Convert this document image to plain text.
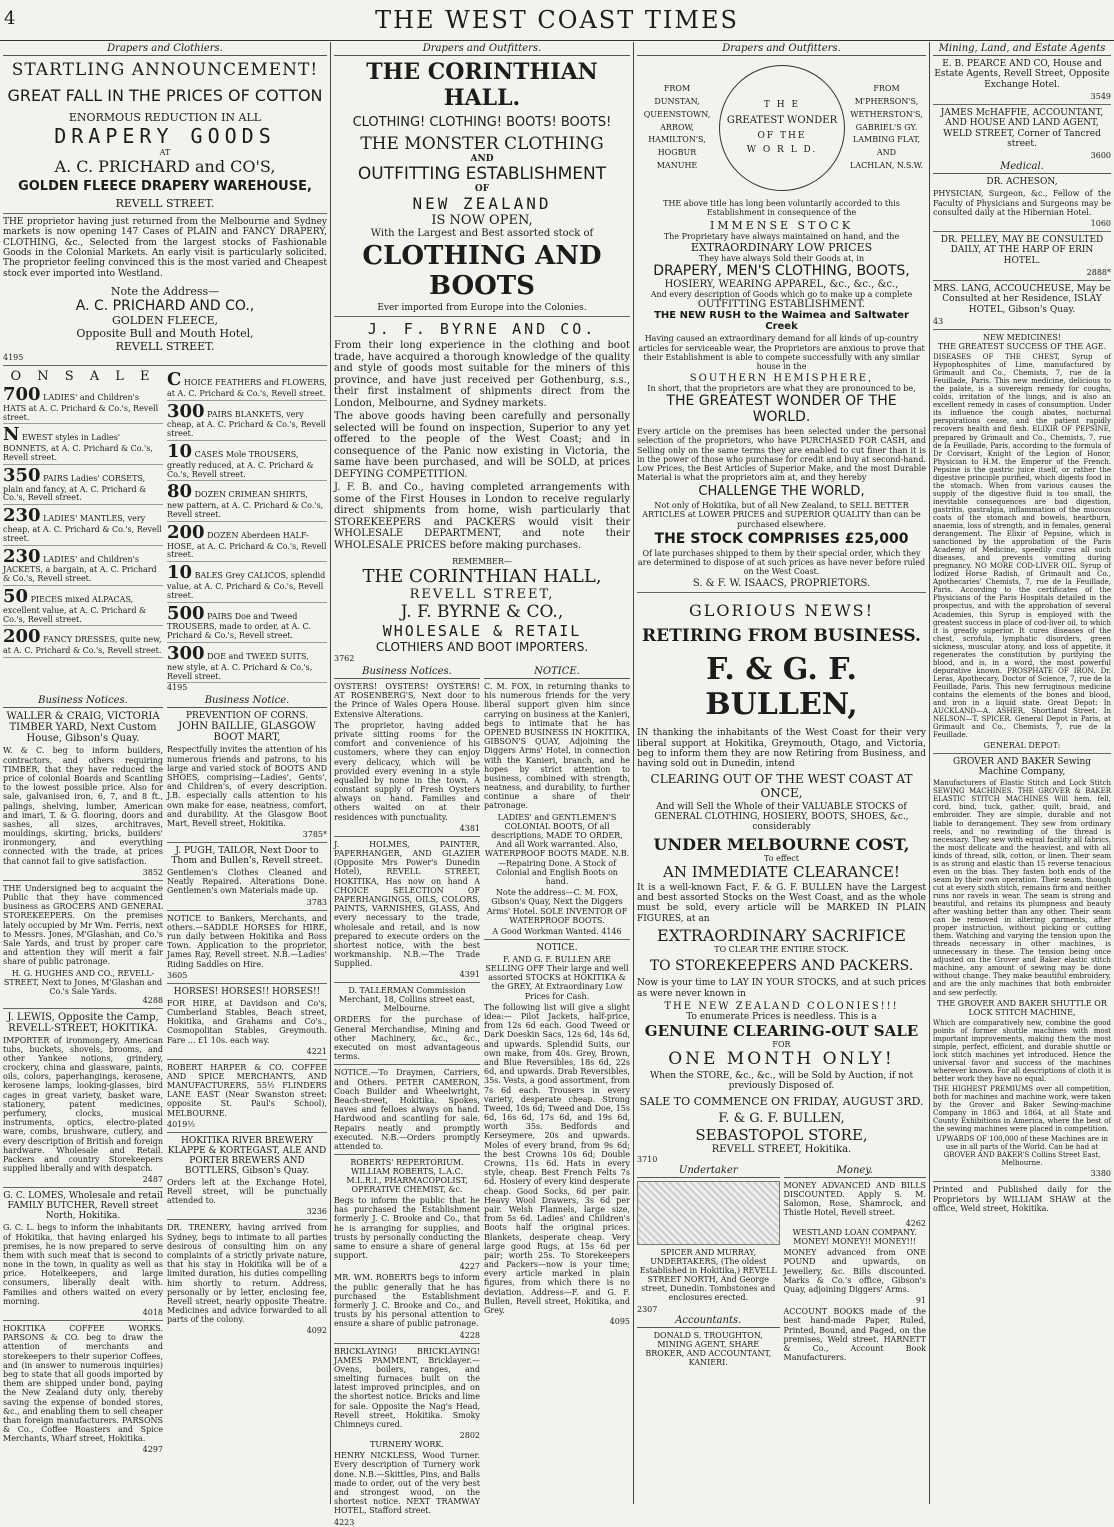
4	THE WEST COAST TIMES
Drapers and Clothiers.
STARTLING ANNOUNCEMENT!
GREAT FALL IN THE PRICES OF COTTON
ENORMOUS REDUCTION IN ALL
DRAPERY GOODS
AT
A. C. PRICHARD and CO'S,
GOLDEN FLEECE DRAPERY WAREHOUSE,
REVELL STREET.
THE proprietor having just returned from the Melbourne and Sydney markets is now opening 147 Cases of PLAIN and FANCY DRAPERY, CLOTHING, &c., Selected from the largest stocks of Fashionable Goods in the Colonial Markets. An early visit is particularly solicited. The proprietor feeling convinced this is the most varied and Cheapest stock ever imported into Westland.
Note the Address—
A. C. PRICHARD AND CO.,
GOLDEN FLEECE,
Opposite Bull and Mouth Hotel,
REVELL STREET.
4195
O N S A L E
700 LADIES' and Children's HATS at A. C. Prichard & Co.'s, Revell street.
N EWEST styles in Ladies' BONNETS, at A. C. Prichard & Co.'s, Revell street.
350 PAIRS Ladies' CORSETS, plain and fancy, at A. C. Prichard & Co.'s, Revell street.
230 LADIES' MANTLES, very cheap, at A. C. Prichard & Co.'s, Revell street.
230 LADIES' and Children's JACKETS, a bargain, at A. C. Prichard & Co.'s, Revell street.
50 PIECES mixed ALPACAS, excellent value, at A. C. Prichard & Co.'s, Revell street.
200 FANCY DRESSES, quite new, at A. C. Prichard & Co.'s, Revell street.
C HOICE FEATHERS and FLOWERS, at A. C. Prichard & Co.'s, Revell street.
300 PAIRS BLANKETS, very cheap, at A. C. Prichard & Co.'s, Revell street.
10 CASES Mole TROUSERS, greatly reduced, at A. C. Prichard & Co.'s, Revell street.
80 DOZEN CRIMEAN SHIRTS, new pattern, at A. C. Prichard & Co.'s, Revell street.
200 DOZEN Aberdeen HALF-HOSE, at A. C. Prichard & Co.'s, Revell street.
10 BALES Grey CALICOS, splendid value, at A. C. Prichard & Co.'s, Revell street.
500 PAIRS Doe and Tweed TROUSERS, made to order, at A. C. Prichard & Co.'s, Revell street.
300 DOE and TWEED SUITS, new style, at A. C. Prichard & Co.'s, Revell street.
4195
Business Notices.
WALLER & CRAIG, VICTORIA TIMBER YARD, Next Custom House, Gibson's Quay.
W. & C. beg to inform builders, contractors, and others requiring TIMBER, that they have reduced the price of colonial Boards and Scantling to the lowest possible price. Also for sale, galvanised iron, 6, 7, and 8 ft., palings, shelving, lumber, American and imari, T. & G. flooring, doors and sashes, all sizes, architraves, mouldings, skirting, bricks, builders' ironmongery, and everything connected with the trade, at prices that cannot fail to give satisfaction.
3852
THE Undersigned beg to acquaint the Public that they have commenced business as GROCERS AND GENERAL STOREKEEPERS. On the premises lately occupied by Mr Wm. Ferris, next to Messrs. Jones, M'Glashan, and Co.'s Sale Yards, and trust by proper care and attention they will merit a fair share of public patronage.
H. G. HUGHES AND CO., REVELL-STREET, Next to Jones, M'Glashan and Co.'s Sale Yards.
4288
J. LEWIS, Opposite the Camp, REVELL-STREET, HOKITIKA.
IMPORTER of ironmongery, American tubs, buckets, shovels, brooms, and other Yankee notions, grindery, crockery, china and glassware, paints, oils, colors, paperhangings, kerosene, kerosene lamps, looking-glasses, bird cages in great variety, basket ware, stationery, patent medicines, perfumery, clocks, musical instruments, optics, electro-plated ware, combs, brushware, cutlery, and every description of British and foreign hardware. Wholesale and Retail. Packers and country Storekeepers supplied liberally and with despatch.
2487
G. C. LOMES, Wholesale and retail FAMILY BUTCHER, Revell street North, Hokitika.
G. C. L. begs to inform the inhabitants of Hokitika, that having enlarged his premises, he is now prepared to serve them with such meat that is second to none in the town, in quality as well as price. Hotelkeepers, and large consumers, liberally dealt with. Families and others waited on every morning.
4018
HOKITIKA COFFEE WORKS. PARSONS & CO. beg to draw the attention of merchants and storekeepers to their superior Coffees, and (in answer to numerous inquiries) beg to state that all goods imported by them are shipped under bond, paying the New Zealand duty only, thereby saving the expense of bonded stores, &c., and enabling them to sell cheaper than foreign manufacturers. PARSONS & Co., Coffee Roasters and Spice Merchants, Wharf street, Hokitika.
4297
Business Notice.
PREVENTION OF CORNS.
JOHN BAILLIE, GLASGOW BOOT MART,
Respectfully invites the attention of his numerous friends and patrons, to his large and varied stock of BOOTS AND SHOES, comprising—Ladies', Gents', and Children's, of every description. J.B. especially calls attention to his own make for ease, neatness, comfort, and durability. At the Glasgow Boot Mart, Revell street, Hokitika.
3785*
J. PUGH, TAILOR, Next Door to Thom and Bullen's, Revell street.
Gentlemen's Clothes Cleaned and Neatly Repaired. Alterations Done. Gentlemen's own Materials made up.
3783
NOTICE to Bankers, Merchants, and others.—SADDLE HORSES for HIRE, run daily between Hokitika and Ross Town. Application to the proprietor, James Ray, Revell street. N.B.—Ladies' Riding Saddles on Hire.
3605
HORSES! HORSES!! HORSES!!
FOR HIRE, at Davidson and Co's, Cumberland Stables, Beach street, Hokitika, and Grahams and Co's., Cosmopolitan Stables, Greymouth. Fare ... £1 10s. each way.
4221
ROBERT HARPER & CO. COFFEE AND SPICE MERCHANTS, AND MANUFACTURERS, 55½ FLINDERS LANE EAST (Near Swanston street: opposite St. Paul's School), MELBOURNE.
4019½
HOKITIKA RIVER BREWERY
KLAPPE & KORTEGAST, ALE AND PORTER BREWERS AND BOTTLERS, Gibson's Quay.
Orders left at the Exchange Hotel, Revell street, will be punctually attended to.
3236
DR. TRENERY, having arrived from Sydney, begs to intimate to all parties desirous of consulting him on any complaints of a strictly private nature, that his stay in Hokitika will be of a limited duration, his duties compelling him shortly to return. Address, personally or by letter, enclosing fee, Revell street, nearly opposite Theatre. Medicines and advice forwarded to all parts of the colony.
4092
Drapers and Outfitters.
THE CORINTHIAN HALL.
CLOTHING! CLOTHING! BOOTS! BOOTS!
THE MONSTER CLOTHING
AND
OUTFITTING ESTABLISHMENT
OF
NEW ZEALAND
IS NOW OPEN,
With the Largest and Best assorted stock of
CLOTHING AND BOOTS
Ever imported from Europe into the Colonies.
J. F. BYRNE AND CO.
From their long experience in the clothing and boot trade, have acquired a thorough knowledge of the quality and style of goods most suitable for the miners of this province, and have just received per Gothenburg, s.s., their first instalment of shipments direct from the London, Melbourne, and Sydney markets.
The above goods having been carefully and personally selected will be found on inspection, Superior to any yet offered to the people of the West Coast; and in consequence of the Panic now existing in Victoria, the same have been purchased, and will be SOLD, at prices DEFYING COMPETITION.
J. F. B. and Co., having completed arrangements with some of the First Houses in London to receive regularly direct shipments from home, wish particularly that STOREKEEPERS and PACKERS would visit their WHOLESALE DEPARTMENT, and note their WHOLESALE PRICES before making purchases.
REMEMBER—
THE CORINTHIAN HALL,
REVELL STREET,
J. F. BYRNE & CO.,
WHOLESALE & RETAIL
CLOTHIERS AND BOOT IMPORTERS.
3762
Business Notices.
OYSTERS! OYSTERS! OYSTERS! AT ROSENBERG'S, Next door to the Prince of Wales Opera House. Extensive Alterations.
The proprietor, having added private sitting rooms for the comfort and convenience of his customers, where they can enjoy every delicacy, which will be provided every evening in a style equalled by none in the town. A constant supply of Fresh Oysters always on hand. Families and others waited on at their residences with punctuality.
4381
J. HOLMES, PAINTER, PAPERHANGER, AND GLAZIER (Opposite Mrs Power's Dunedin Hotel), REVELL STREET, HOKITIKA, Has now on hand A CHOICE SELECTION OF PAPERHANGINGS, OILS, COLORS, PAINTS, VARNISHES, GLASS, And every necessary to the trade, wholesale and retail, and is now prepared to execute orders on the shortest notice, with the best workmanship. N.B.—The Trade Supplied.
4391
D. TALLERMAN Commission Merchant, 18, Collins street east, Melbourne.
ORDERS for the purchase of General Merchandise, Mining and other Machinery, &c., &c., executed on most advantageous terms.
NOTICE.—To Draymen, Carriers, and Others. PETER CAMERON, Coach Builder and Wheelwright, Beach-street, Hokitika. Spokes, naves and felloes always on hand. Hardwood and scantling for sale. Repairs neatly and promptly executed. N.B.—Orders promptly attended to.
ROBERTS' REPERTORIUM.
WILLIAM ROBERTS, L.A.C. M.L.R.I., PHARMACOPOLIST, OPERATIVE CHEMIST, &c.
Begs to inform the public that he has purchased the Establishment formerly J. C. Brooke and Co., that he is arranging for supplies, and trusts by personally conducting the same to ensure a share of general support.
4227
MR. WM. ROBERTS begs to inform the public generally that he has purchased the Establishment formerly J. C. Brooke and Co., and trusts by his personal attention to ensure a share of public patronage.
4228
BRICKLAYING! BRICKLAYING! JAMES PAMMENT, Bricklayer.—Ovens, boilers, ranges, and smelting furnaces built on the latest improved principles, and on the shortest notice. Bricks and lime for sale. Opposite the Nag's Head, Revell street, Hokitika. Smoky Chimneys cured.
2802
TURNERY WORK.
HENRY NICKLESS, Wood Turner. Every description of Turnery work done. N.B.—Skittles, Pins, and Balls made to order, out of the very best and strongest wood, on the shortest notice. NEXT TRAMWAY HOTEL, Stafford street.
4223
NOTICE.
C. M. FOX, in returning thanks to his numerous friends for the very liberal support given him since carrying on business at the Kanieri, begs to intimate that he has OPENED BUSINESS IN HOKITIKA, GIBSON'S QUAY, Adjoining the Diggers Arms' Hotel, in connection with the Kanieri, branch, and he hopes by strict attention to business, combined with strength, neatness, and durability, to further continue a share of their patronage.
LADIES' and GENTLEMEN'S COLONIAL BOOTS, Of all descriptions, MADE TO ORDER, And all Work warranted. Also, WATERPROOF BOOTS MADE. N.B.—Repairing Done. A Stock of Colonial and English Boots on hand.
Note the address—C. M. FOX, Gibson's Quay, Next the Diggers Arms' Hotel. SOLE INVENTOR OF WATERPROOF BOOTS.
A Good Workman Wanted. 4146
NOTICE.
F. AND G. F. BULLEN ARE SELLING OFF Their large and well assorted STOCKS at HOKITIKA & the GREY, At Extraordinary Low Prices for Cash.
The following list will give a slight idea:— Pilot Jackets, half-price, from 12s 6d each. Good Tweed or Dark Doeskin Sacs, 12s 6d, 14s 6d, and upwards. Splendid Suits, our own make, from 40s. Grey, Brown, and Blue Reversibles, 18s 6d, 22s 6d, and upwards. Drab Reversibles, 35s. Vests, a good assortment, from 7s 6d each. Trousers in every variety, desperate cheap. Strong Tweed, 10s 6d; Tweed and Doe, 15s 6d, 16s 6d, 17s 6d, and 19s 6d, worth 35s. Bedfords and Kerseymere, 20s and upwards. Moles of every brand, from 9s 6d; the best Crowns 10s 6d; Double Crowns, 11s 6d. Hats in every style, cheap. Best French Felts 7s 6d. Hosiery of every kind desperate cheap. Good Socks, 6d per pair. Heavy Wool Drawers, 3s 6d per pair. Welsh Flannels, large size, from 5s 6d. Ladies' and Children's Boots half the original prices. Blankets, desperate cheap. Very large good Rugs, at 15s 6d per pair; worth 25s. To Storekeepers and Packers—now is your time; every article marked in plain figures, from which there is no deviation. Address—F. and G. F. Bullen, Revell street, Hokitika, and Grey.
4095
Drapers and Outfitters.
FROM
DUNSTAN,
QUEENSTOWN,
ARROW,
HAMILTON'S,
HOGBUR
MANUHE
T H E
GREATEST WONDER
OF THE
W O R L D.
FROM
M'PHERSON'S,
WETHERSTON'S,
GABRIEL'S GY.
LAMBING FLAT,
AND
LACHLAN, N.S.W.
THE above title has long been voluntarily accorded to this Establishment in consequence of the
IMMENSE STOCK
The Proprietary have always maintained on hand, and the
EXTRAORDINARY LOW PRICES
They have always Sold their Goods at, in
DRAPERY, MEN'S CLOTHING, BOOTS,
HOSIERY, WEARING APPAREL, &c., &c., &c.,
And every description of Goods which go to make up a complete
OUTFITTING ESTABLISHMENT.
THE NEW RUSH to the Waimea and Saltwater Creek
Having caused an extraordinary demand for all kinds of up-country articles for serviceable wear, the Proprietors are anxious to prove that their Establishment is able to compete successfully with any similar house in the
SOUTHERN HEMISPHERE,
In short, that the proprietors are what they are pronounced to be,
THE GREATEST WONDER OF THE WORLD.
Every article on the premises has been selected under the personal selection of the proprietors, who have PURCHASED FOR CASH, and Selling only on the same terms they are enabled to cut finer than it is in the power of those who purchase for credit and buy at second-hand. Low Prices, the Best Articles of Superior Make, and the most Durable Material is what the proprietors aim at, and they hereby
CHALLENGE THE WORLD,
Not only of Hokitika, but of all New Zealand, to SELL BETTER ARTICLES at LOWER PRICES and SUPERIOR QUALITY than can be purchased elsewhere.
THE STOCK COMPRISES £25,000
Of late purchases shipped to them by their special order, which they are determined to dispose of at such prices as have never before ruled on the West Coast.
S. & F. W. ISAACS, PROPRIETORS.
GLORIOUS NEWS!
RETIRING FROM BUSINESS.
F. & G. F. BULLEN,
IN thanking the inhabitants of the West Coast for their very liberal support at Hokitika, Greymouth, Otago, and Victoria, beg to inform them they are now Retiring from Business, and having sold out in Dunedin, intend
CLEARING OUT OF THE WEST COAST AT ONCE,
And will Sell the Whole of their VALUABLE STOCKS of GENERAL CLOTHING, HOSIERY, BOOTS, SHOES, &c., considerably
UNDER MELBOURNE COST,
To effect
AN IMMEDIATE CLEARANCE!
It is a well-known Fact, F. & G. F. BULLEN have the Largest and best assorted Stocks on the West Coast, and as the whole must be sold, every article will be MARKED IN PLAIN FIGURES, at an
EXTRAORDINARY SACRIFICE
TO CLEAR THE ENTIRE STOCK.
TO STOREKEEPERS AND PACKERS.
Now is your time to LAY IN YOUR STOCKS, and at such prices as were never known in
THE NEW ZEALAND COLONIES!!!
To enumerate Prices is needless. This is a
GENUINE CLEARING-OUT SALE
FOR
ONE MONTH ONLY!
When the STORE, &c., &c., will be Sold by Auction, if not previously Disposed of.
SALE TO COMMENCE ON FRIDAY, AUGUST 3RD.
F. & G. F. BULLEN,
SEBASTOPOL STORE,
REVELL STREET, Hokitika.
3710
Undertaker
SPICER AND MURRAY, UNDERTAKERS, (The oldest Established in Hokitika,) REVELL STREET NORTH, And George street, Dunedin. Tombstones and enclosures erected.
2307
Accountants.
DONALD S. TROUGHTON, MINING AGENT, SHARE BROKER, AND ACCOUNTANT, KANIERI.
Money.
MONEY ADVANCED AND BILLS DISCOUNTED. Apply S. M. Salomon, Rose, Shamrock, and Thistle Hotel, Revell street.
4262
WESTLAND LOAN COMPANY.
MONEY! MONEY!! MONEY!!!
MONEY advanced from ONE POUND and upwards, on Jewellery, &c. Bills discounted. Marks & Co.'s office, Gibson's Quay, adjoining Diggers' Arms.
91
ACCOUNT BOOKS made of the best hand-made Paper, Ruled, Printed, Bound, and Paged, on the premises, Weld street. HARNETT & Co., Account Book Manufacturers.
Mining, Land, and Estate Agents
E. B. PEARCE AND CO, House and Estate Agents, Revell Street, Opposite Exchange Hotel.
3549
JAMES McHAFFIE, ACCOUNTANT, AND HOUSE AND LAND AGENT, WELD STREET, Corner of Tancred street.
3600
Medical.
DR. ACHESON,
PHYSICIAN, Surgeon, &c., Fellow of the Faculty of Physicians and Surgeons may be consulted daily at the Hibernian Hotel.
1060
DR. PELLEY, MAY BE CONSULTED DAILY, AT THE HARP OF ERIN HOTEL.
2888*
MRS. LANG, ACCOUCHEUSE, May be Consulted at her Residence, ISLAY HOTEL, Gibson's Quay.
43
NEW MEDICINES!
THE GREATEST SUCCESS OF THE AGE.
DISEASES OF THE CHEST, Syrup of Hypophosphites of Lime, manufactured by Grimault and Co., Chemists, 7, rue de la Feuillade, Paris. This new medicine, delicious to the palate, is a sovereign remedy for coughs, colds, irritation of the lungs, and is also an excellent remedy in cases of consumption. Under its influence the cough abates, nocturnal perspirations cease, and the patient rapidly recovers health and flesh. ELIXIR OF PEPSINE, prepared by Grimault and Co., Chemists, 7, rue de la Feuillade, Paris, according to the formula of Dr Corvisart, Knight of the Legion of Honor, Physician to H.M. the Emperor of the French. Pepsine is the gastric juice itself, or rather the digestive principle purified, which digests food in the stomach. When from various causes the supply of the digestive fluid is too small, the inevitable consequences are bad digestion, gastritis, gastralgia, inflammation of the mucous coats of the stomach and bowels, heartburn, anaemia, loss of strength, and in females, general derangement. The Elixir of Pepsine, which is sanctioned by the approbation of the Paris Academy of Medicine, speedily cures all such diseases, and prevents vomiting during pregnancy. NO MORE COD-LIVER OIL. Syrup of Iodized Horse Radish, of Grimault and Co., Apothecaries' Chemists, 7, rue de la Feuillade, Paris. According to the certificates of the Physicians of the Paris Hospitals detailed in the prospectus, and with the approbation of several Academies, this Syrup is employed with the greatest success in place of cod-liver oil, to which it is greatly superior. It cures diseases of the chest, scrofula, lymphatic disorders, green sickness, muscular atony, and loss of appetite, it regenerates the constitution by purifying the blood, and is, in a word, the most powerful depurative known. PROSPHATE OF IRON. Dr. Leras, Apothecary, Doctor of Science, 7, rue de la Feuillade, Paris. This new ferruginous medicine contains the elements of the bones and blood, and iron in a liquid state. Great Depot: In AUCKLAND—A. ASHER, Shortland Street. In NELSON—T. SPICER. General Depot in Paris, at Grimault and Co., Chemists, 7, rue de la Feuillade.
GENERAL DEPOT:
GROVER AND BAKER Sewing Machine Company,
Manufacturers of Elastic Stitch and Lock Stitch SEWING MACHINES. THE GROVER & BAKER ELASTIC STITCH MACHINES Will hem, fell, cord, bind, tuck, gather, quilt, braid, and embroider. They are simple, durable and not liable to derangement. They sew from ordinary reels, and no rewinding of the thread is necessary. They sew with equal facility all fabrics, the most delicate and the heaviest, and with all kinds of thread, silk, cotton, or linen. Their seam is as strong and elastic than 15 reverse tenacious even on the bias. They fasten both ends of the seam by their own operation. Their seam, though cut at every sixth stitch, remains firm and neither runs nor ravels in wear. The seam is strong and beautiful, and retains its plumpness and beauty after washing better than any other. Their seam can be removed in altering garments, after proper instruction, without picking or cutting them. Watching and varying the tension upon the threads necessary in other machines, is unnecessary in these. The tension being once adjusted on the Grover and Baker elastic stitch machine, any amount of sewing may be done without change. They make beautiful embroidery, and are the only machines that both embroider and sew perfectly.
THE GROVER AND BAKER SHUTTLE OR LOCK STITCH MACHINE,
Which are comparatively new, combine the good points of former shuttle machines with most important improvements, making them the most simple, perfect, efficient, and durable shuttle or lock stitch machines yet introduced. Hence the universal favor and success of the machines wherever known. For all descriptions of cloth it is better work they have no equal.
THE HIGHEST PREMIUMS over all competition, both for machines and machine work, were taken by the Grover and Baker Sewing-machine Company in 1863 and 1864, at all State and County Exhibitions in America, where the best of the sewing machines were placed in competition.
UPWARDS OF 100,000 of these Machines are in use in all parts of the World. Can be had at GROVER AND BAKER'S Collins Street East, Melbourne.
3380
Printed and Published daily for the Proprietors by WILLIAM SHAW at the office, Weld street, Hokitika.
